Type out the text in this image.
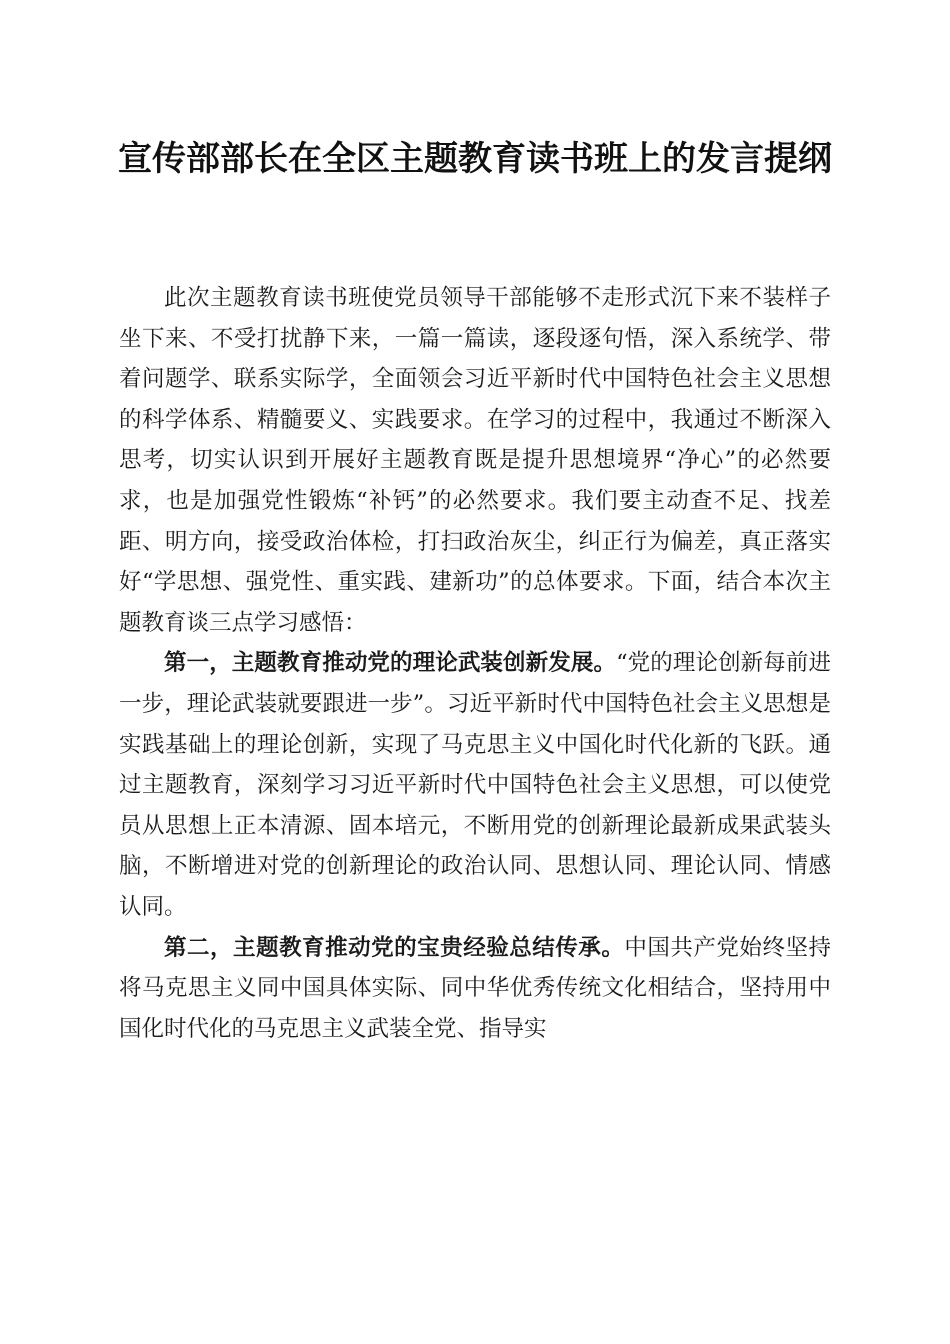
宣传部部长在全区主题教育读书班上的发言提纲

此次主题教育读书班使党员领导干部能够不走形式沉下来不装样子坐下来、不受打扰静下来，一篇一篇读，逐段逐句悟，深入系统学、带着问题学、联系实际学，全面领会习近平新时代中国特色社会主义思想的科学体系、精髓要义、实践要求。在学习的过程中，我通过不断深入思考，切实认识到开展好主题教育既是提升思想境界“净心”的必然要求，也是加强党性锻炼“补钙”的必然要求。我们要主动查不足、找差距、明方向，接受政治体检，打扫政治灰尘，纠正行为偏差，真正落实好“学思想、强党性、重实践、建新功”的总体要求。下面，结合本次主题教育谈三点学习感悟：

第一，主题教育推动党的理论武装创新发展。“党的理论创新每前进一步，理论武装就要跟进一步”。习近平新时代中国特色社会主义思想是实践基础上的理论创新，实现了马克思主义中国化时代化新的飞跃。通过主题教育，深刻学习习近平新时代中国特色社会主义思想，可以使党员从思想上正本清源、固本培元，不断用党的创新理论最新成果武装头脑，不断增进对党的创新理论的政治认同、思想认同、理论认同、情感认同。

第二，主题教育推动党的宝贵经验总结传承。中国共产党始终坚持将马克思主义同中国具体实际、同中华优秀传统文化相结合，坚持用中国化时代化的马克思主义武装全党、指导实
